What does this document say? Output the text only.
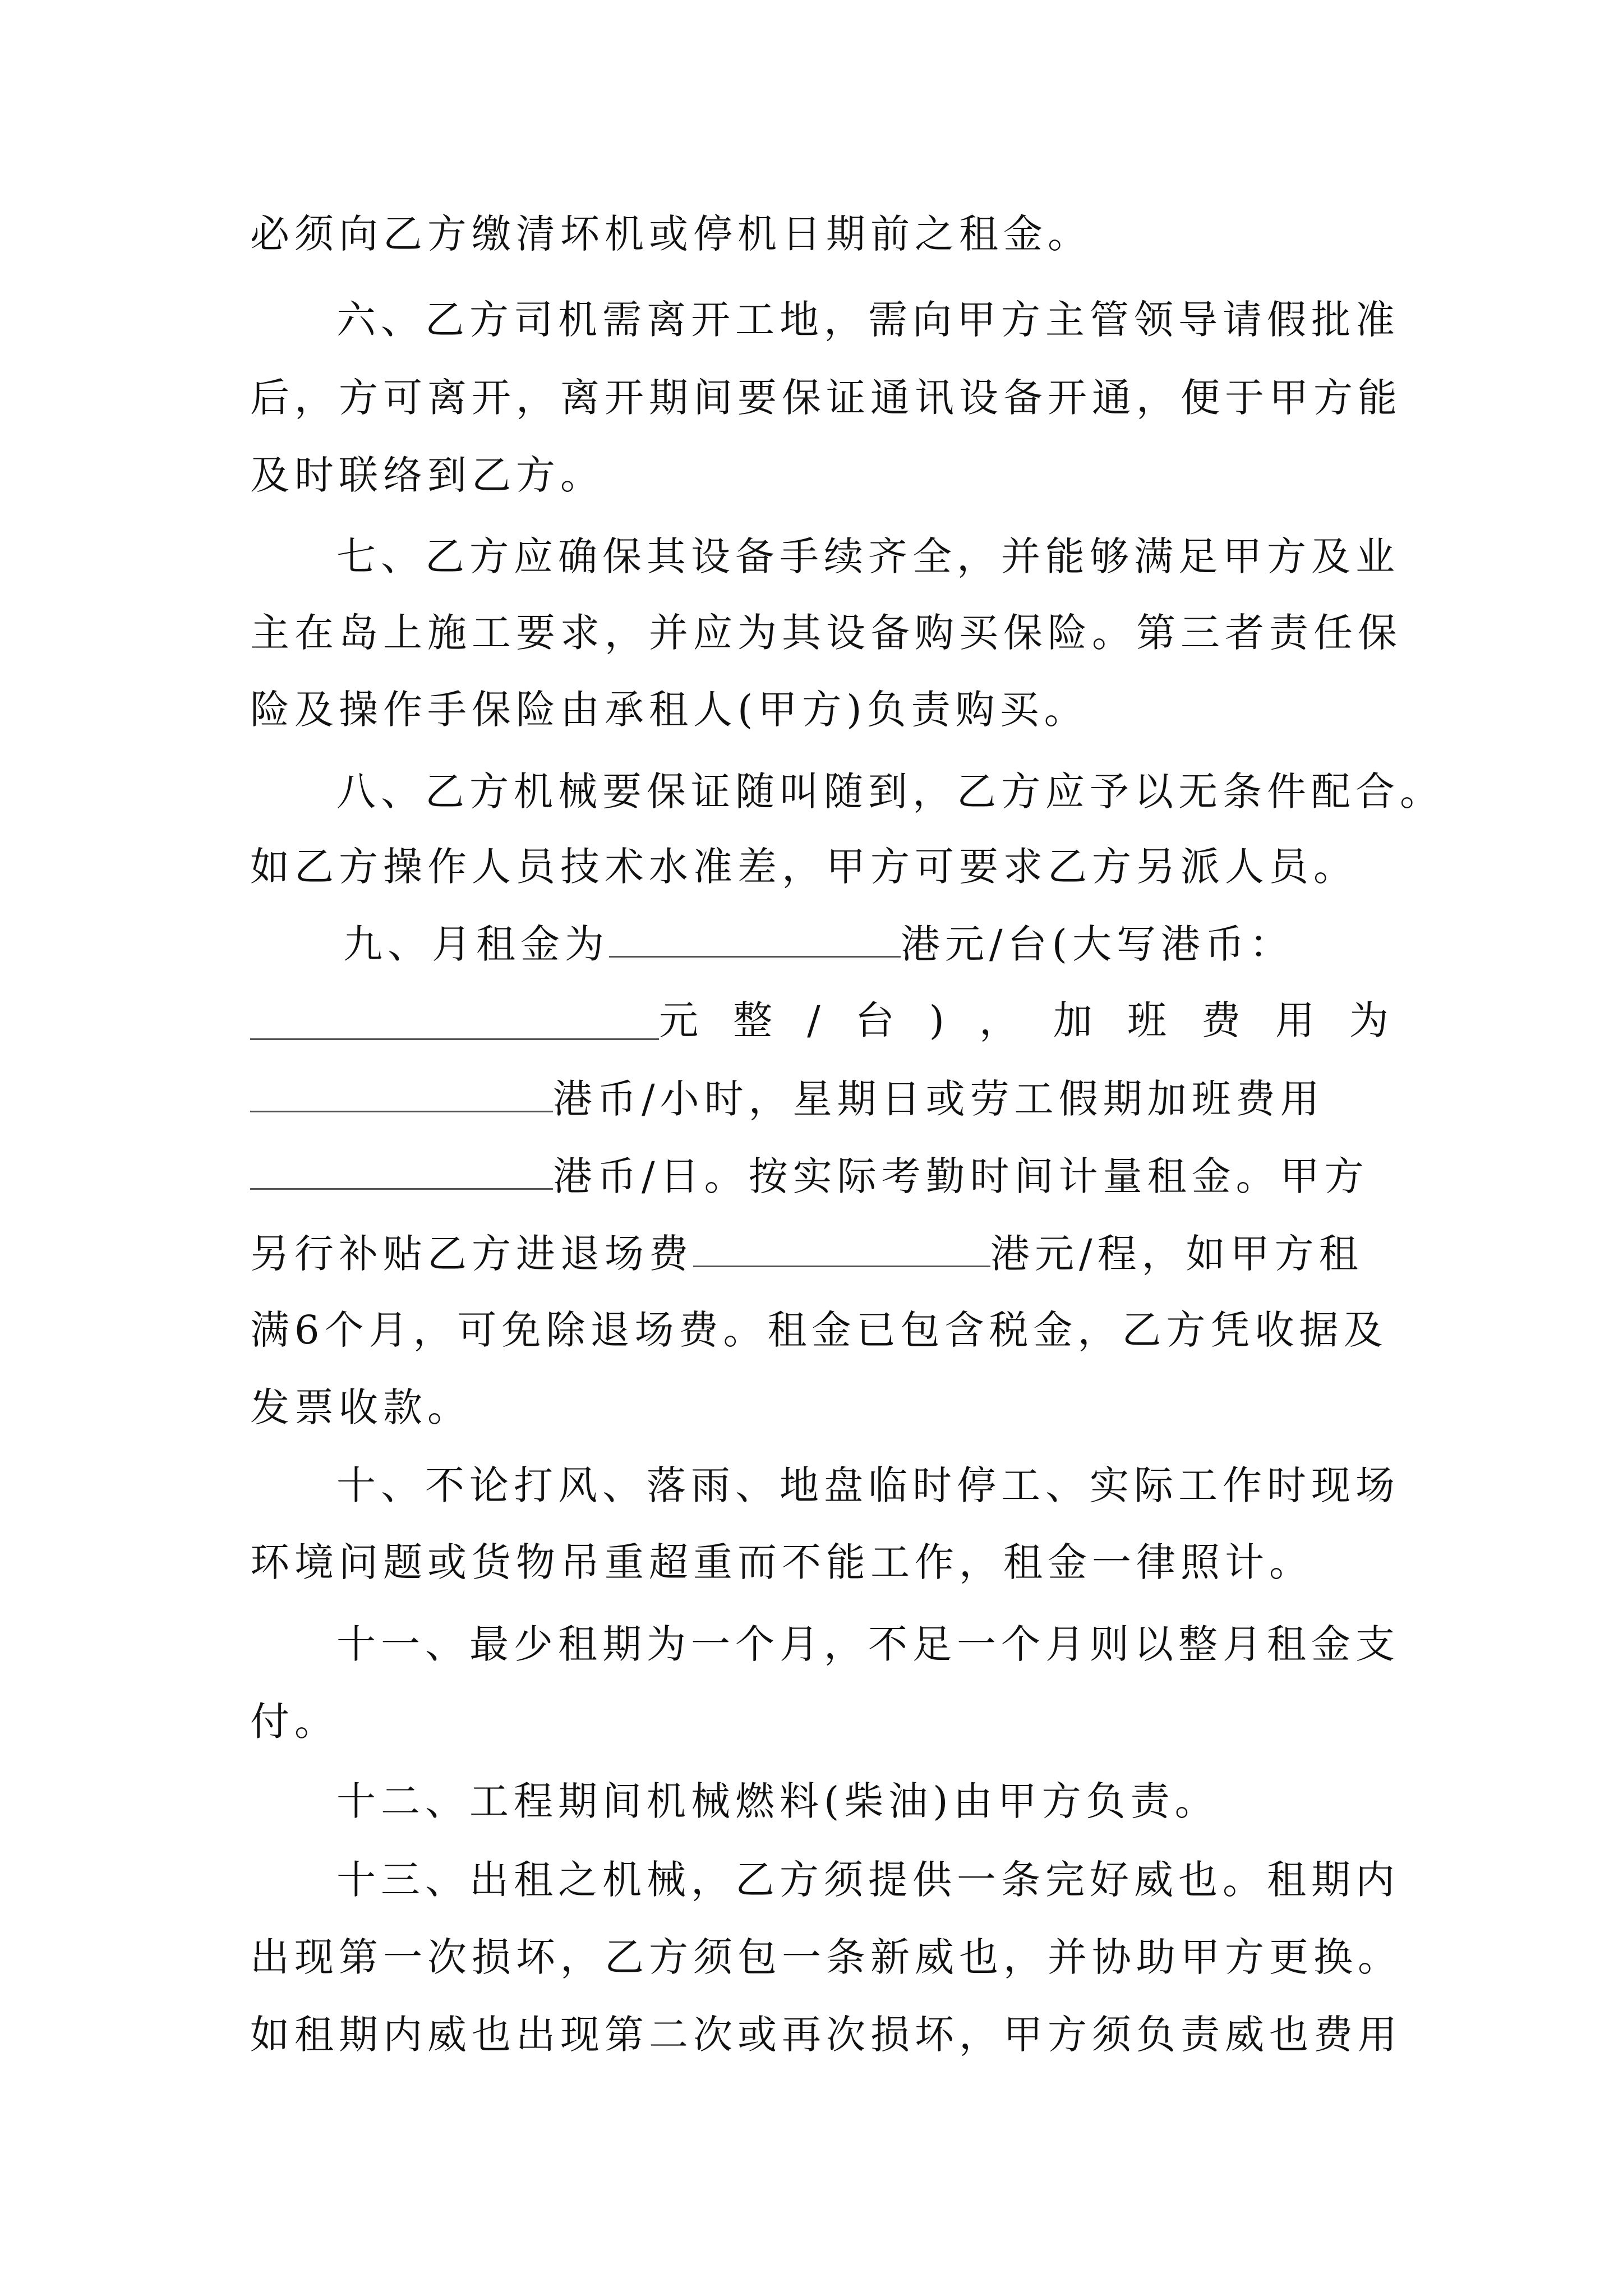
必须向乙方缴清坏机或停机日期前之租金。
六、乙方司机需离开工地，需向甲方主管领导请假批准
后，方可离开，离开期间要保证通讯设备开通，便于甲方能
及时联络到乙方。
七、乙方应确保其设备手续齐全，并能够满足甲方及业
主在岛上施工要求，并应为其设备购买保险。第三者责任保
险及操作手保险由承租人(甲方)负责购买。
八、乙方机械要保证随叫随到，乙方应予以无条件配合。
如乙方操作人员技术水准差，甲方可要求乙方另派人员。
九、月租金为	港元/台(大写港币：
元整/台)，加班费用为
港币/小时，星期日或劳工假期加班费用
港币/日。按实际考勤时间计量租金。甲方
另行补贴乙方进退场费	港元/程，如甲方租
满6个月，可免除退场费。租金已包含税金，乙方凭收据及
发票收款。
十、不论打风、落雨、地盘临时停工、实际工作时现场
环境问题或货物吊重超重而不能工作，租金一律照计。
十一、最少租期为一个月，不足一个月则以整月租金支
付。
十二、工程期间机械燃料(柴油)由甲方负责。
十三、出租之机械，乙方须提供一条完好威也。租期内
出现第一次损坏，乙方须包一条新威也，并协助甲方更换。
如租期内威也出现第二次或再次损坏，甲方须负责威也费用
